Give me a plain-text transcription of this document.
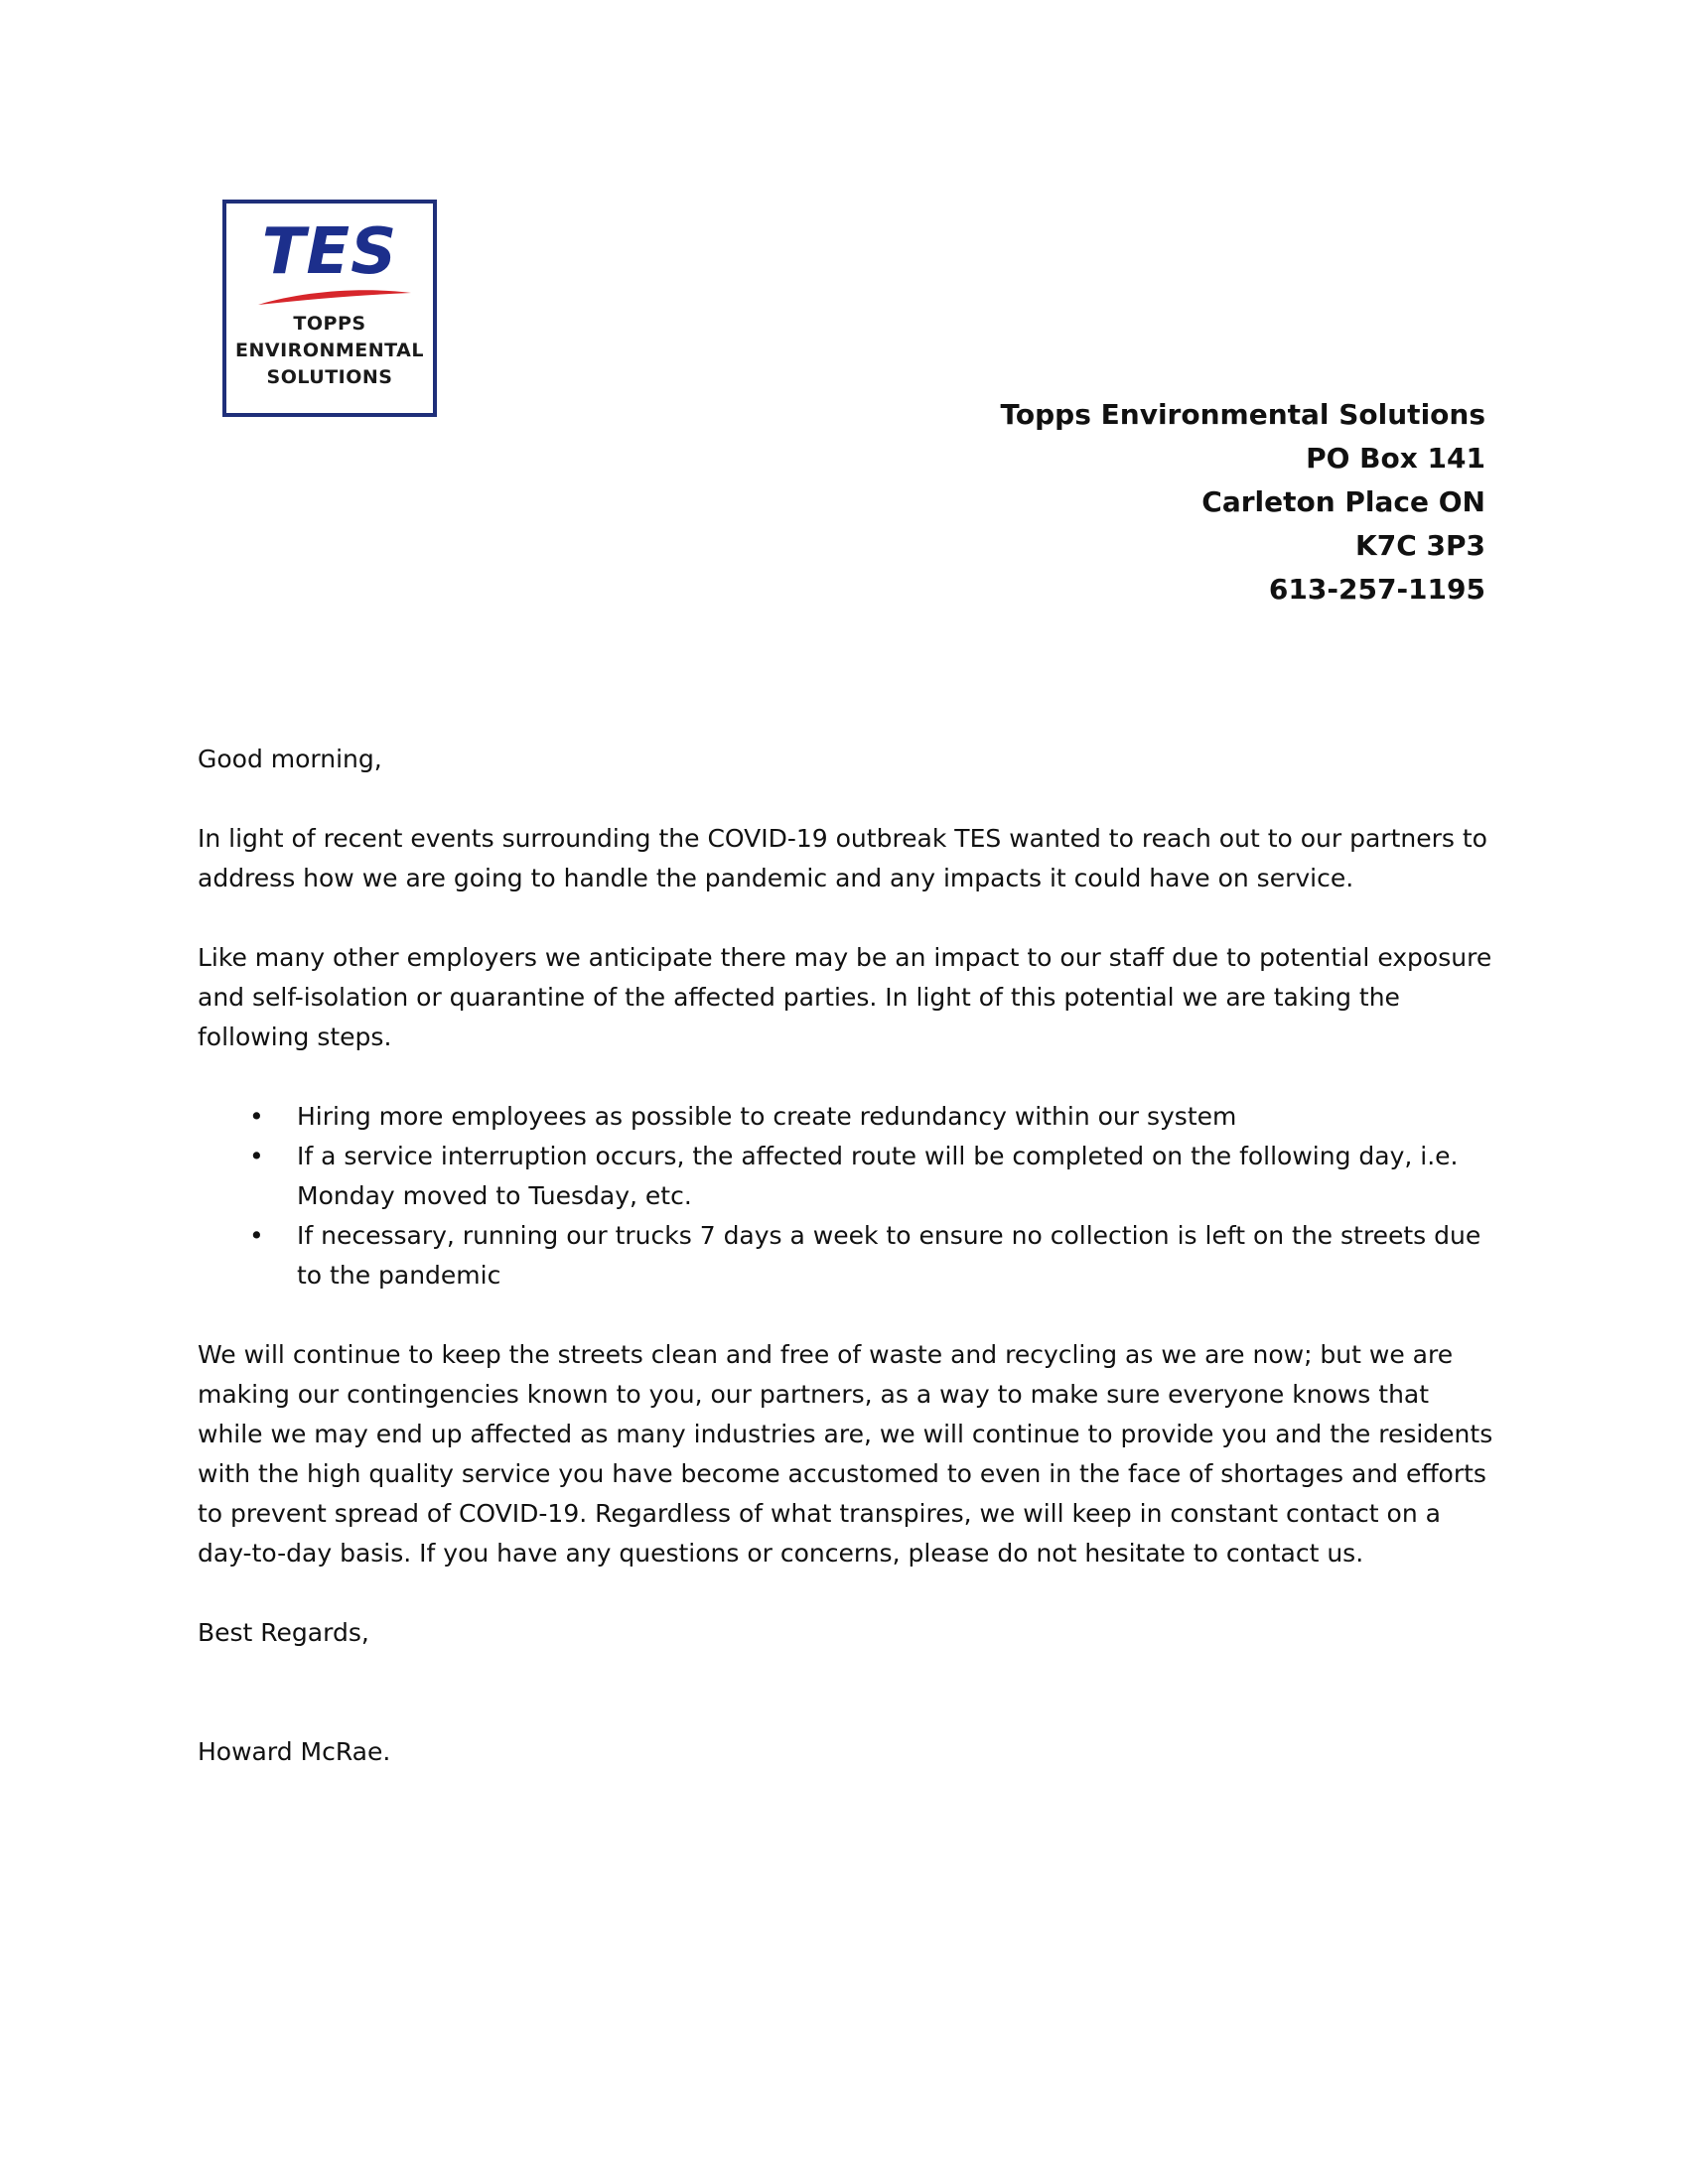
TES
TOPPS
ENVIRONMENTAL
SOLUTIONS
Topps Environmental Solutions
PO Box 141
Carleton Place ON
K7C 3P3
613-257-1195

Good morning,

In light of recent events surrounding the COVID-19 outbreak TES wanted to reach out to our partners to address how we are going to handle the pandemic and any impacts it could have on service.

Like many other employers we anticipate there may be an impact to our staff due to potential exposure and self-isolation or quarantine of the affected parties. In light of this potential we are taking the following steps.

• Hiring more employees as possible to create redundancy within our system
• If a service interruption occurs, the affected route will be completed on the following day, i.e. Monday moved to Tuesday, etc.
• If necessary, running our trucks 7 days a week to ensure no collection is left on the streets due to the pandemic

We will continue to keep the streets clean and free of waste and recycling as we are now; but we are making our contingencies known to you, our partners, as a way to make sure everyone knows that while we may end up affected as many industries are, we will continue to provide you and the residents with the high quality service you have become accustomed to even in the face of shortages and efforts to prevent spread of COVID-19. Regardless of what transpires, we will keep in constant contact on a day-to-day basis. If you have any questions or concerns, please do not hesitate to contact us.

Best Regards,

Howard McRae.
